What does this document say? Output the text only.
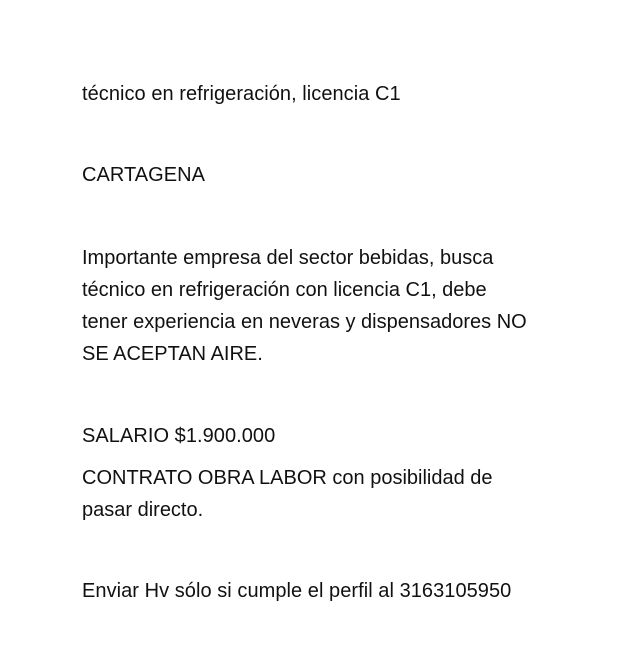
técnico en refrigeración, licencia C1
CARTAGENA
Importante empresa del sector bebidas, busca
técnico en refrigeración con licencia C1, debe
tener experiencia en neveras y dispensadores NO
SE ACEPTAN AIRE.
SALARIO $1.900.000
CONTRATO OBRA LABOR con posibilidad de
pasar directo.
Enviar Hv sólo si cumple el perfil al 3163105950
